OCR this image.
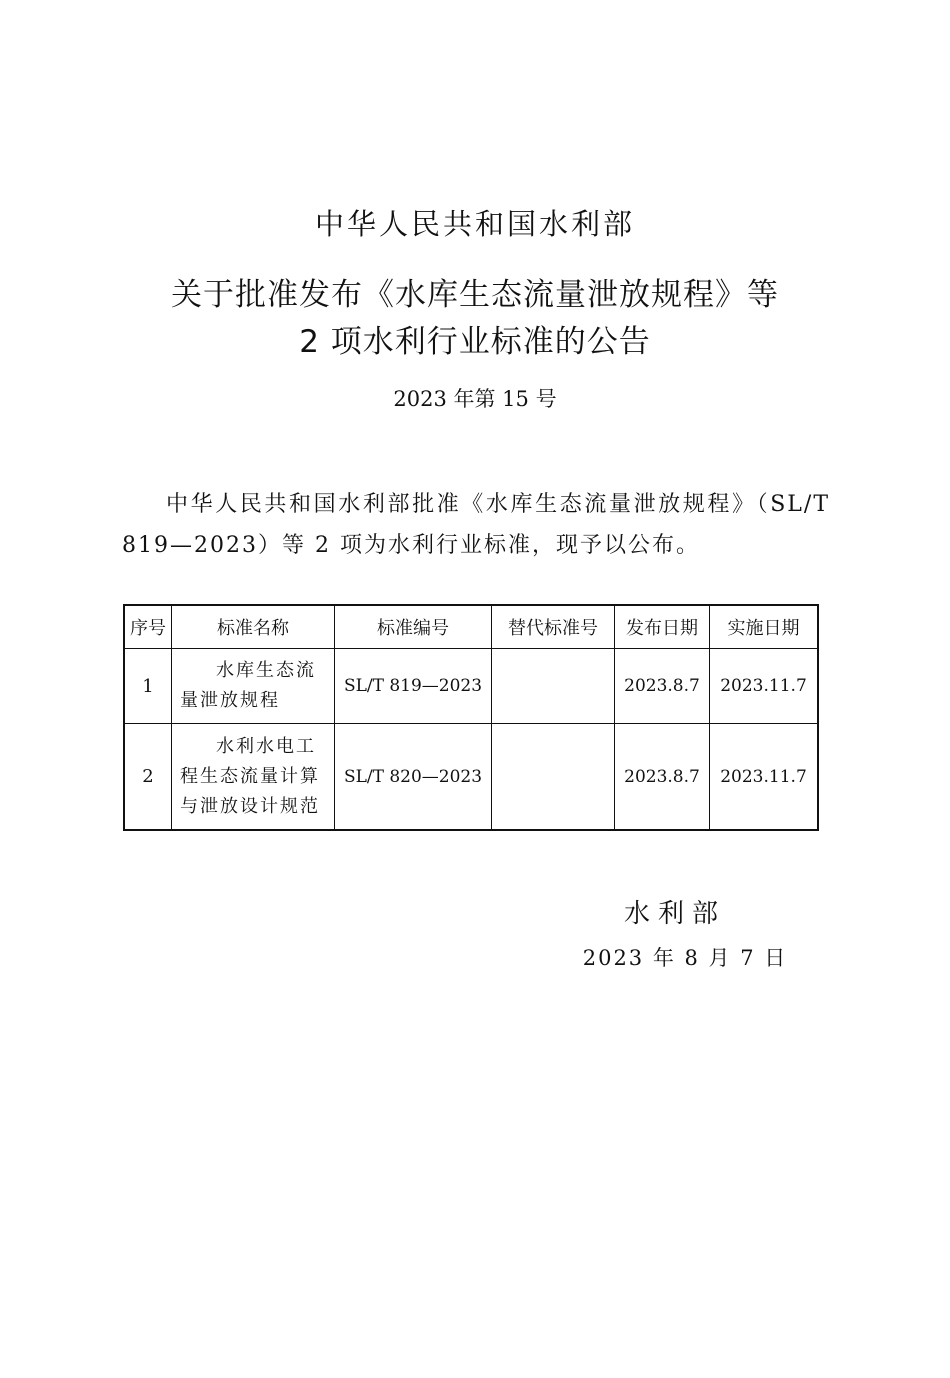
中华人民共和国水利部
关于批准发布《水库生态流量泄放规程》等
2 项水利行业标准的公告
2023 年第 15 号
中华人民共和国水利部批准《水库生态流量泄放规程》（SL/T 819—2023）等 2 项为水利行业标准，现予以公布。
序号	标准名称	标准编号	替代标准号	发布日期	实施日期
1	水库生态流量泄放规程	SL/T 819—2023		2023.8.7	2023.11.7
2	水利水电工程生态流量计算与泄放设计规范	SL/T 820—2023		2023.8.7	2023.11.7
水利部
2023 年 8 月 7 日
